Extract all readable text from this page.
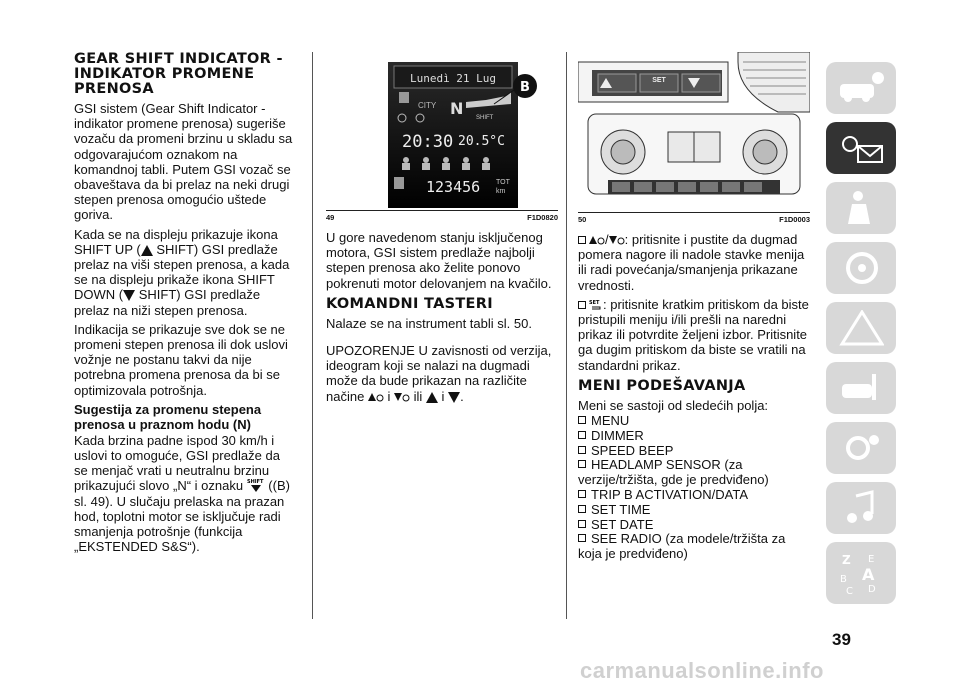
GEAR SHIFT INDICATOR - INDIKATOR PROMENE PRENOSA

GSI sistem (Gear Shift Indicator - indikator promene prenosa) sugeriše vozaču da promeni brzinu u skladu sa odgovarajućom oznakom na komandnoj tabli. Putem GSI vozač se obaveštava da bi prelaz na neki drugi stepen prenosa omogućio uštede goriva.

Kada se na displeju prikazuje ikona SHIFT UP ( SHIFT) GSI predlaže prelaz na viši stepen prenosa, a kada se na displeju prikaže ikona SHIFT DOWN ( SHIFT) GSI predlaže prelaz na niži stepen prenosa.

Indikacija se prikazuje sve dok se ne promeni stepen prenosa ili dok uslovi vožnje ne postanu takvi da nije potrebna promena prenosa da bi se optimizovala potrošnja.

Sugestija za promenu stepena prenosa u praznom hodu (N)

Kada brzina padne ispod 30 km/h i uslovi to omoguće, GSI predlaže da se menjač vrati u neutralnu brzinu prikazujući slovo „N“ i oznaku SHIFT ((B) sl. 49). U slučaju prelaska na prazan hod, toplotni motor se isključuje radi smanjenja potrošnje (funkcija „EKSTENDED S&S“).

Lunedì 21 Lug
CITY N SHIFT
20:30 20.5°C
123456 TOT
km
B
49	F1D0820

U gore navedenom stanju isključenog motora, GSI sistem predlaže najbolji stepen prenosa ako želite ponovo pokrenuti motor delovanjem na kvačilo.

KOMANDNI TASTERI

Nalaze se na instrument tabli sl. 50.

UPOZORENJE U zavisnosti od verzija, ideogram koji se nalazi na dugmadi može da bude prikazan na različite načine  i  ili  i .

SET
50	F1D0003

/ : pritisnite i pustite da dugmad pomera nagore ili nadole stavke menija ili radi povećanja/smanjenja prikazane vrednosti.

SET : pritisnite kratkim pritiskom da biste pristupili meniju i/ili prešli na naredni prikaz ili potvrdite željeni izbor. Pritisnite ga dugim pritiskom da biste se vratili na standardni prikaz.

MENI PODEŠAVANJA

Meni se sastoji od sledećih polja:

MENU
DIMMER
SPEED BEEP
HEADLAMP SENSOR (za verzije/tržišta, gde je predviđeno)
TRIP B ACTIVATION/DATA
SET TIME
SET DATE
SEE RADIO (za modele/tržišta za koja je predviđeno)	Z E
B A
C D
39
carmanualsonline.info
